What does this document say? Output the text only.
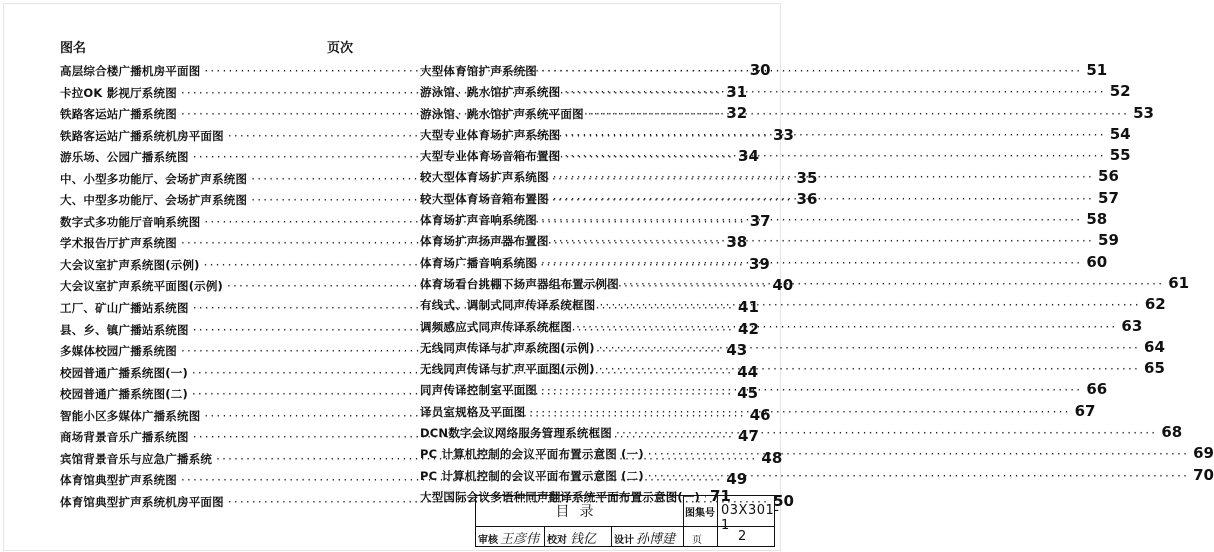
图名	页次
高层综合楼广播机房平面图 ·····	30
卡拉OK 影视厅系统图 ·····	31
铁路客运站广播系统图 ·····	32
铁路客运站广播系统机房平面图 ·····	33
游乐场、公园广播系统图 ·····	34
中、小型多功能厅、会场扩声系统图 ·····	35
大、中型多功能厅、会场扩声系统图 ·····	36
数字式多功能厅音响系统图 ·····	37
学术报告厅扩声系统图 ·····	38
大会议室扩声系统图(示例) ·····	39
大会议室扩声系统平面图(示例) ·····	40
工厂、矿山广播站系统图 ·····	41
县、乡、镇广播站系统图 ·····	42
多媒体校园广播系统图 ·····	43
校园普通广播系统图(一) ·····	44
校园普通广播系统图(二) ·····	45
智能小区多媒体广播系统图 ·····	46
商场背景音乐广播系统图 ·····	47
宾馆背景音乐与应急广播系统 ·····	48
体育馆典型扩声系统图 ·····	49
体育馆典型扩声系统机房平面图 ·····	50
大型体育馆扩声系统图 ·····	51
游泳馆、跳水馆扩声系统图 ·····	52
游泳馆、跳水馆扩声系统平面图 ·····	53
大型专业体育场扩声系统图 ·····	54
大型专业体育场音箱布置图 ·····	55
较大型体育场扩声系统图 ·····	56
较大型体育场音箱布置图 ·····	57
体育场扩声音响系统图 ·····	58
体育场扩声扬声器布置图 ·····	59
体育场广播音响系统图 ·····	60
体育场看台挑棚下扬声器组布置示例图 ·····	61
有线式、调制式同声传译系统框图 ·····	62
调频感应式同声传译系统框图 ·····	63
无线同声传译与扩声系统图(示例) ·····	64
无线同声传译与扩声平面图(示例) ·····	65
同声传译控制室平面图 ·····	66
译员室规格及平面图 ·····	67
DCN数字会议网络服务管理系统框图 ·····	68
PC 计算机控制的会议平面布置示意图 (一) ·····	69
PC 计算机控制的会议平面布置示意图 (二) ·····	70
大型国际会议多语种同声翻译系统平面布置示意图(一) ····· 71
目录	图集号 03X301-1
审核 王彦伟 校对 钱亿 设计 孙博建 页	2
